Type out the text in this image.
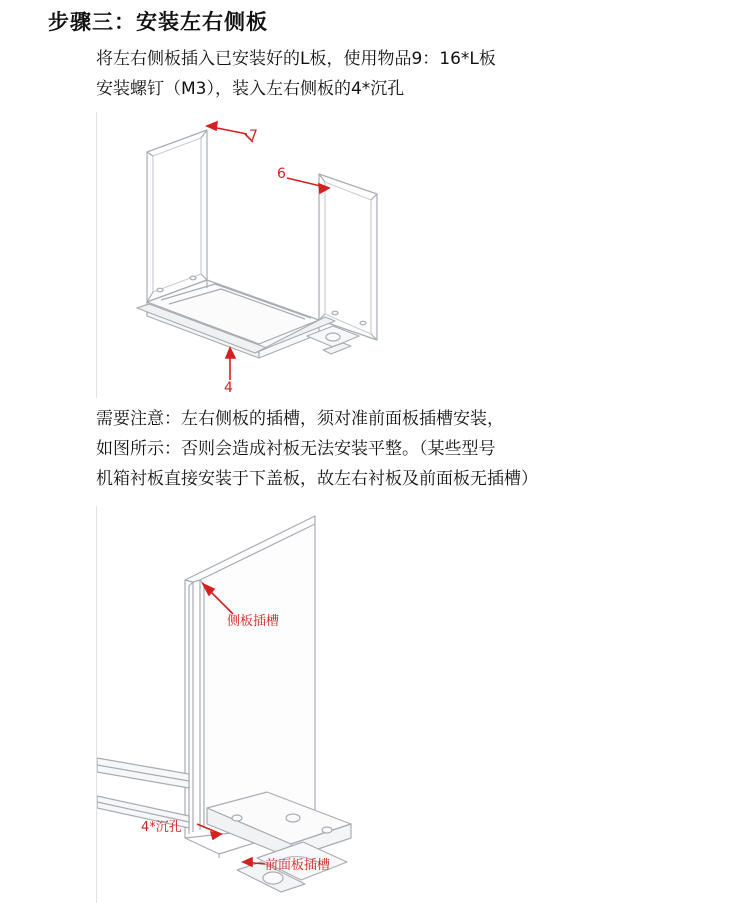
步骤三：安装左右侧板
将左右侧板插入已安装好的L板，使用物品9：16*L板
安装螺钉（M3），装入左右侧板的4*沉孔
7
6
4
需要注意：左右侧板的插槽，须对准前面板插槽安装，
如图所示：否则会造成衬板无法安装平整。（某些型号
机箱衬板直接安装于下盖板，故左右衬板及前面板无插槽）
侧板插槽
4*沉孔
前面板插槽
